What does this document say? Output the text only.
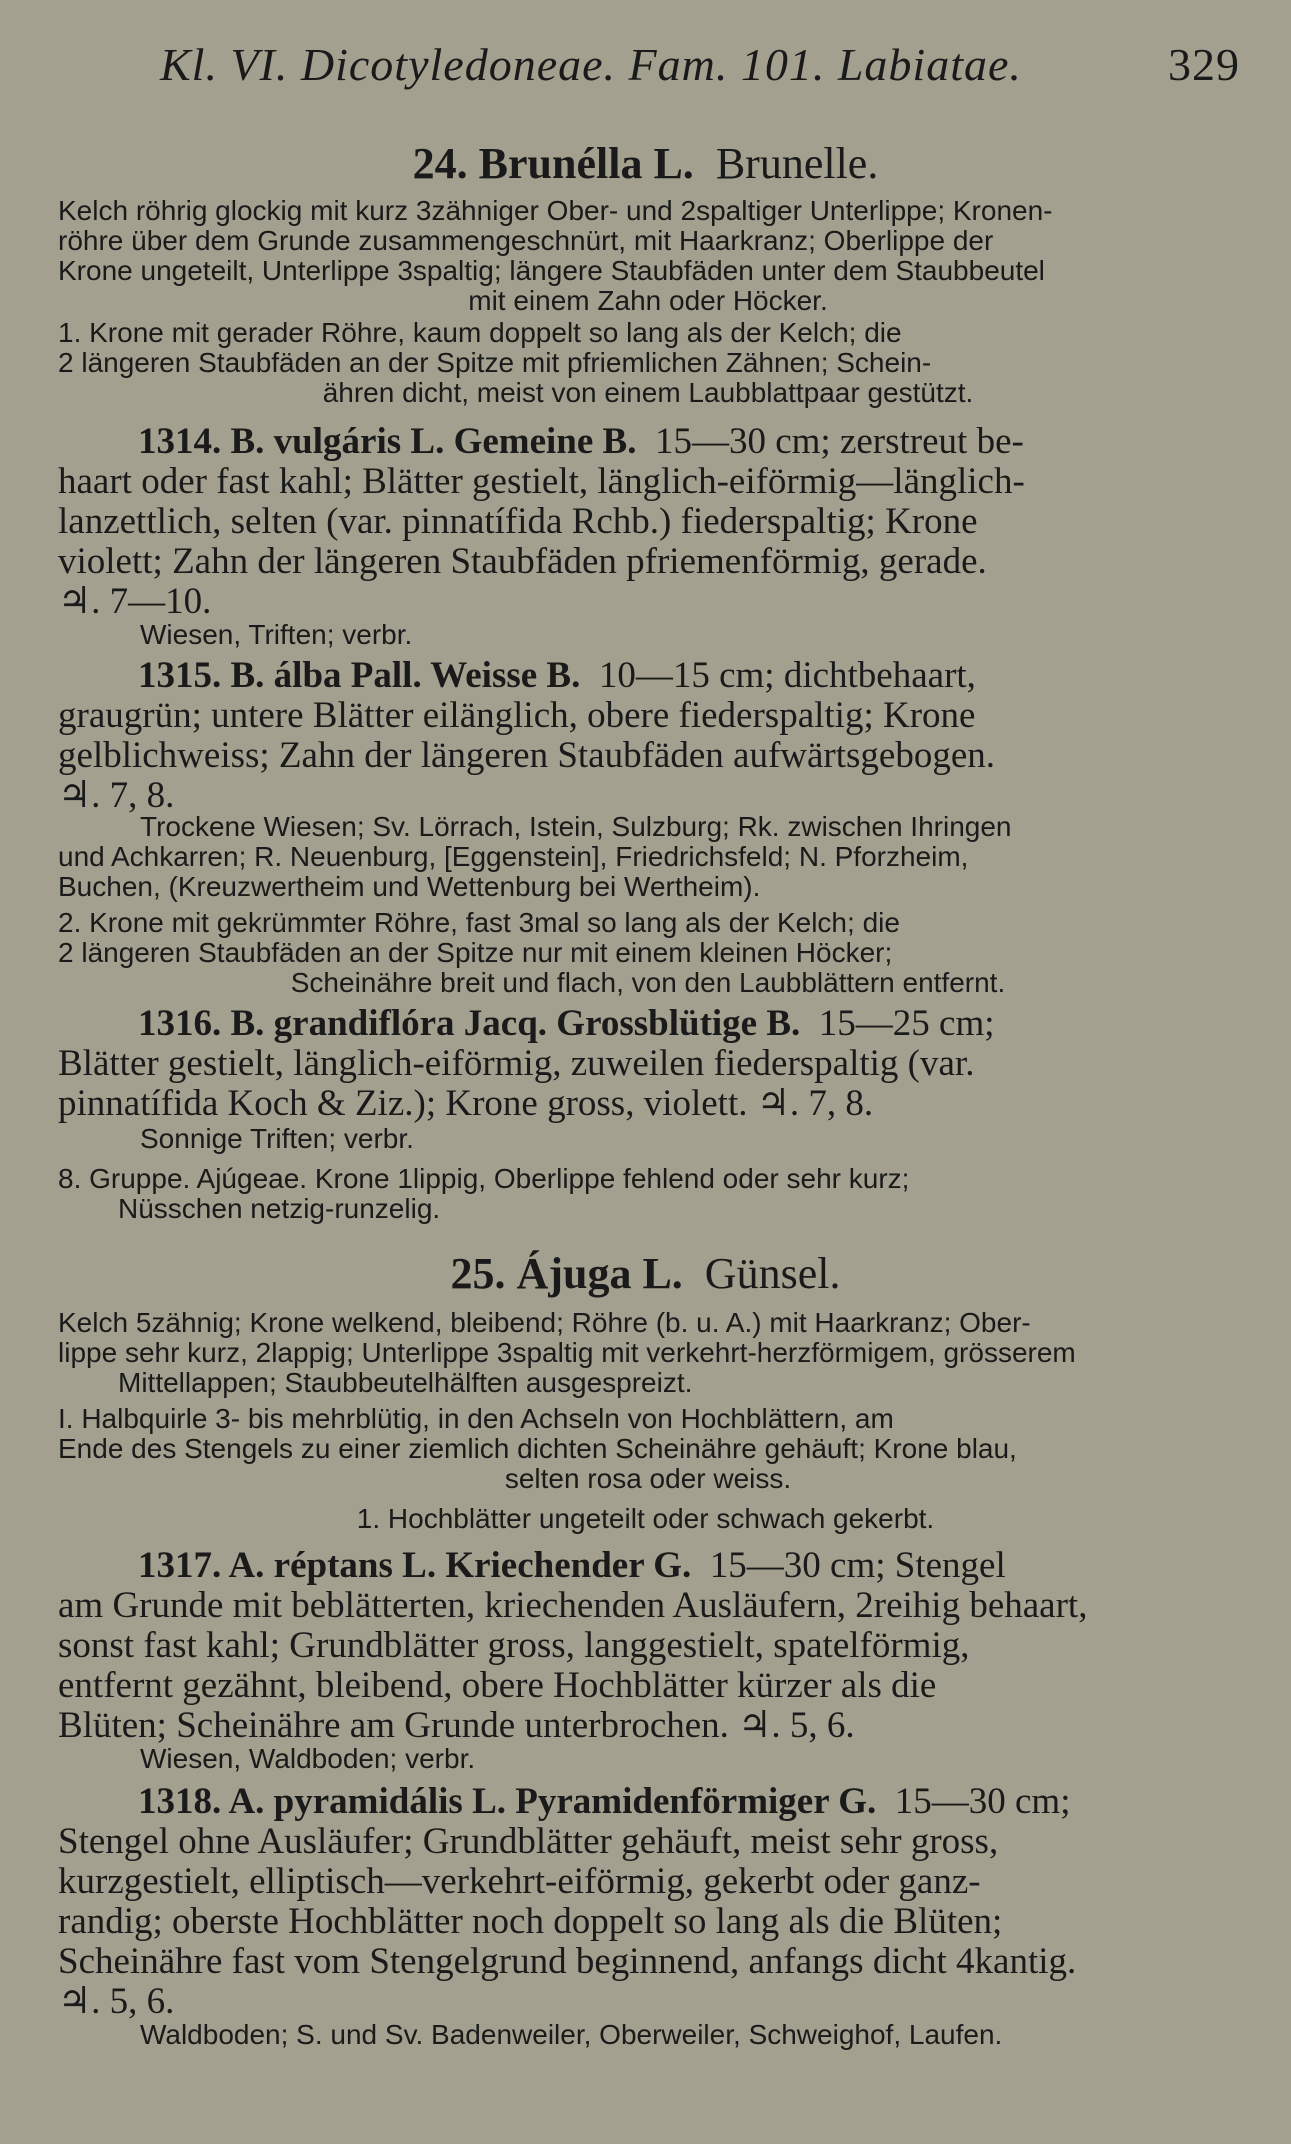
Kl. VI. Dicotyledoneae. Fam. 101. Labiatae.	329
24. Brunélla L. Brunelle.
Kelch röhrig glockig mit kurz 3zähniger Ober- und 2spaltiger Unterlippe; Kronen-
röhre über dem Grunde zusammengeschnürt, mit Haarkranz; Oberlippe der
Krone ungeteilt, Unterlippe 3spaltig; längere Staubfäden unter dem Staubbeutel
mit einem Zahn oder Höcker.
1. Krone mit gerader Röhre, kaum doppelt so lang als der Kelch; die
2 längeren Staubfäden an der Spitze mit pfriemlichen Zähnen; Schein-
ähren dicht, meist von einem Laubblattpaar gestützt.
1314. B. vulgáris L. Gemeine B. 15—30 cm; zerstreut be-
haart oder fast kahl; Blätter gestielt, länglich-eiförmig—länglich-
lanzettlich, selten (var. pinnatífida Rchb.) fiederspaltig; Krone
violett; Zahn der längeren Staubfäden pfriemenförmig, gerade.
♃. 7—10.
Wiesen, Triften; verbr.
1315. B. álba Pall. Weisse B. 10—15 cm; dichtbehaart,
graugrün; untere Blätter eilänglich, obere fiederspaltig; Krone
gelblichweiss; Zahn der längeren Staubfäden aufwärtsgebogen.
♃. 7, 8.
Trockene Wiesen; Sv. Lörrach, Istein, Sulzburg; Rk. zwischen Ihringen
und Achkarren; R. Neuenburg, [Eggenstein], Friedrichsfeld; N. Pforzheim,
Buchen, (Kreuzwertheim und Wettenburg bei Wertheim).
2. Krone mit gekrümmter Röhre, fast 3mal so lang als der Kelch; die
2 längeren Staubfäden an der Spitze nur mit einem kleinen Höcker;
Scheinähre breit und flach, von den Laubblättern entfernt.
1316. B. grandiflóra Jacq. Grossblütige B. 15—25 cm;
Blätter gestielt, länglich-eiförmig, zuweilen fiederspaltig (var.
pinnatífida Koch & Ziz.); Krone gross, violett. ♃. 7, 8.
Sonnige Triften; verbr.
8. Gruppe. Ajúgeae. Krone 1lippig, Oberlippe fehlend oder sehr kurz;
Nüsschen netzig-runzelig.
25. Ájuga L. Günsel.
Kelch 5zähnig; Krone welkend, bleibend; Röhre (b. u. A.) mit Haarkranz; Ober-
lippe sehr kurz, 2lappig; Unterlippe 3spaltig mit verkehrt-herzförmigem, grösserem
Mittellappen; Staubbeutelhälften ausgespreizt.
I. Halbquirle 3- bis mehrblütig, in den Achseln von Hochblättern, am
Ende des Stengels zu einer ziemlich dichten Scheinähre gehäuft; Krone blau,
selten rosa oder weiss.
1. Hochblätter ungeteilt oder schwach gekerbt.
1317. A. réptans L. Kriechender G. 15—30 cm; Stengel
am Grunde mit beblätterten, kriechenden Ausläufern, 2reihig behaart,
sonst fast kahl; Grundblätter gross, langgestielt, spatelförmig,
entfernt gezähnt, bleibend, obere Hochblätter kürzer als die
Blüten; Scheinähre am Grunde unterbrochen. ♃. 5, 6.
Wiesen, Waldboden; verbr.
1318. A. pyramidális L. Pyramidenförmiger G. 15—30 cm;
Stengel ohne Ausläufer; Grundblätter gehäuft, meist sehr gross,
kurzgestielt, elliptisch—verkehrt-eiförmig, gekerbt oder ganz-
randig; oberste Hochblätter noch doppelt so lang als die Blüten;
Scheinähre fast vom Stengelgrund beginnend, anfangs dicht 4kantig.
♃. 5, 6.
Waldboden; S. und Sv. Badenweiler, Oberweiler, Schweighof, Laufen.
